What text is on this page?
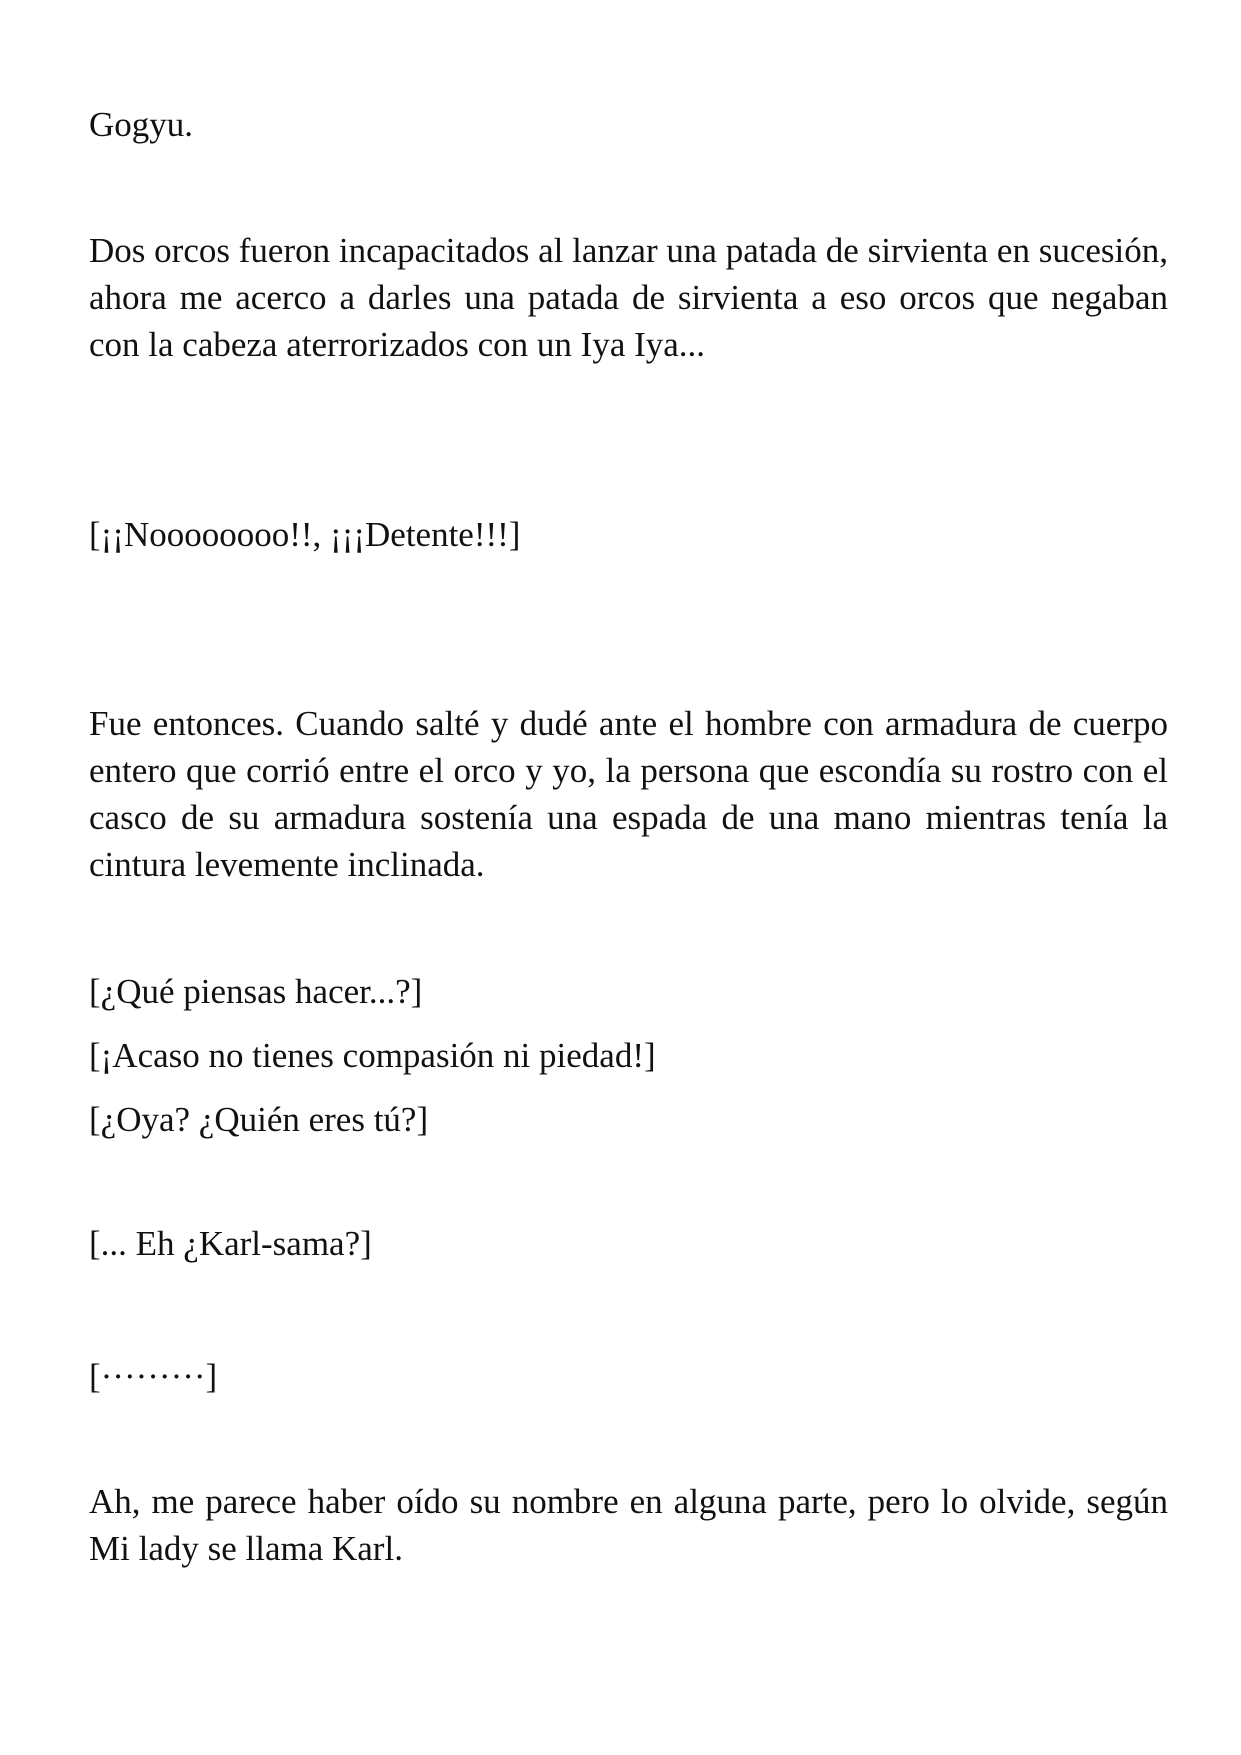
Gogyu.

Dos orcos fueron incapacitados al lanzar una patada de sirvienta en sucesión, ahora me acerco a darles una patada de sirvienta a eso orcos que negaban con la cabeza aterrorizados con un Iya Iya...

[¡¡Noooooooo!!, ¡¡¡Detente!!!]

Fue entonces. Cuando salté y dudé ante el hombre con armadura de cuerpo entero que corrió entre el orco y yo, la persona que escondía su rostro con el casco de su armadura sostenía una espada de una mano mientras tenía la cintura levemente inclinada.

[¿Qué piensas hacer...?]

[¡Acaso no tienes compasión ni piedad!]

[¿Oya? ¿Quién eres tú?]

[... Eh ¿Karl-sama?]

[·········]

Ah, me parece haber oído su nombre en alguna parte, pero lo olvide, según Mi lady se llama Karl.
